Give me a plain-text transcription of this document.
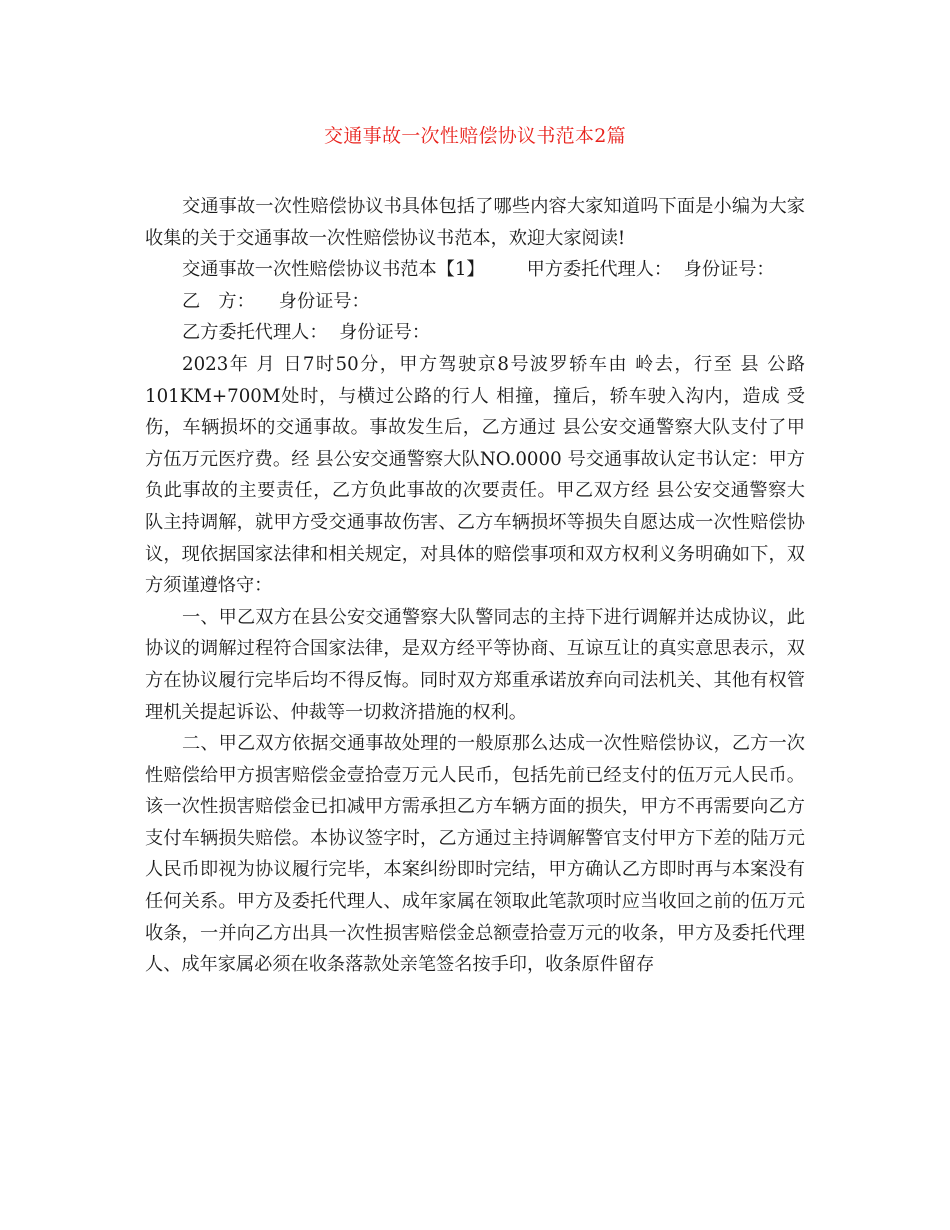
交通事故一次性赔偿协议书范本2篇

交通事故一次性赔偿协议书具体包括了哪些内容大家知道吗下面是小编为大家收集的关于交通事故一次性赔偿协议书范本，欢迎大家阅读!

交通事故一次性赔偿协议书范本【1】 甲方委托代理人：  身份证号：

乙　方： 身份证号：

乙方委托代理人：  身份证号：

2023年 月 日7时50分，甲方驾驶京8号波罗轿车由 岭去，行至 县 公路101KM+700M处时，与横过公路的行人 相撞，撞后，轿车驶入沟内，造成 受伤，车辆损坏的交通事故。事故发生后，乙方通过 县公安交通警察大队支付了甲方伍万元医疗费。经 县公安交通警察大队NO.0000 号交通事故认定书认定：甲方负此事故的主要责任，乙方负此事故的次要责任。甲乙双方经 县公安交通警察大队主持调解，就甲方受交通事故伤害、乙方车辆损坏等损失自愿达成一次性赔偿协议，现依据国家法律和相关规定，对具体的赔偿事项和双方权利义务明确如下，双方须谨遵恪守：

一、甲乙双方在县公安交通警察大队警同志的主持下进行调解并达成协议，此协议的调解过程符合国家法律，是双方经平等协商、互谅互让的真实意思表示，双方在协议履行完毕后均不得反悔。同时双方郑重承诺放弃向司法机关、其他有权管理机关提起诉讼、仲裁等一切救济措施的权利。

二、甲乙双方依据交通事故处理的一般原那么达成一次性赔偿协议，乙方一次性赔偿给甲方损害赔偿金壹拾壹万元人民币，包括先前已经支付的伍万元人民币。该一次性损害赔偿金已扣减甲方需承担乙方车辆方面的损失，甲方不再需要向乙方支付车辆损失赔偿。本协议签字时，乙方通过主持调解警官支付甲方下差的陆万元人民币即视为协议履行完毕，本案纠纷即时完结，甲方确认乙方即时再与本案没有任何关系。甲方及委托代理人、成年家属在领取此笔款项时应当收回之前的伍万元收条，一并向乙方出具一次性损害赔偿金总额壹拾壹万元的收条，甲方及委托代理人、成年家属必须在收条落款处亲笔签名按手印，收条原件留存
